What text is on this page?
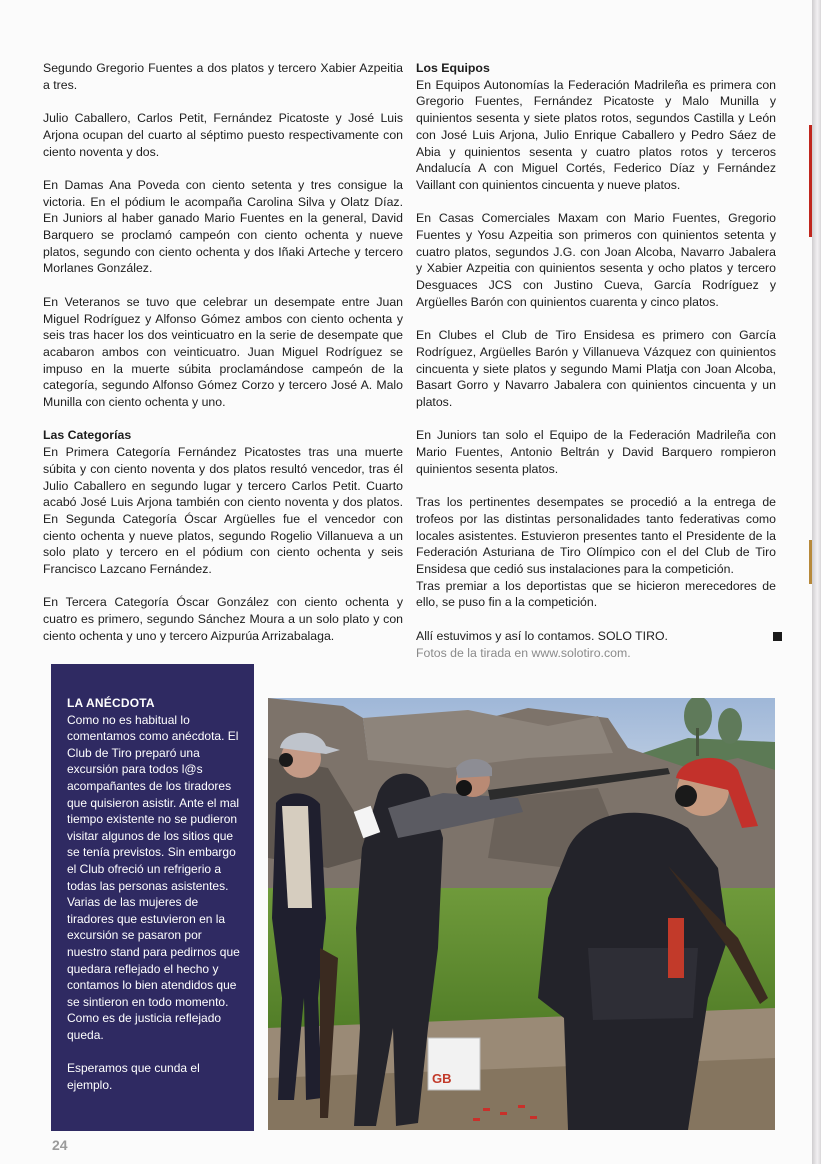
Segundo Gregorio Fuentes a dos platos y tercero Xabier Azpeitia a tres.

Julio Caballero, Carlos Petit, Fernández Picatoste y José Luis Arjona ocupan del cuarto al séptimo puesto respectivamente con ciento noventa y dos.

En Damas Ana Poveda con ciento setenta y tres consigue la victoria. En el pódium le acompaña Carolina Silva y Olatz Díaz. En Juniors al haber ganado Mario Fuentes en la general, David Barquero se proclamó campeón con ciento ochenta y nueve platos, segundo con ciento ochenta y dos Iñaki Arteche y tercero Morlanes González.

En Veteranos se tuvo que celebrar un desempate entre Juan Miguel Rodríguez y Alfonso Gómez ambos con ciento ochenta y seis tras hacer los dos veinticuatro en la serie de desempate que acabaron ambos con veinticuatro. Juan Miguel Rodríguez se impuso en la muerte súbita proclamándose campeón de la categoría, segundo Alfonso Gómez Corzo y tercero José A. Malo Munilla con ciento ochenta y uno.

Las Categorías

En Primera Categoría Fernández Picatostes tras una muerte súbita y con ciento noventa y dos platos resultó vencedor, tras él Julio Caballero en segundo lugar y tercero Carlos Petit. Cuarto acabó José Luis Arjona también con ciento noventa y dos platos. En Segunda Categoría Óscar Argüelles fue el vencedor con ciento ochenta y nueve platos, segundo Rogelio Villanueva a un solo plato y tercero en el pódium con ciento ochenta y seis Francisco Lazcano Fernández.

En Tercera Categoría Óscar González con ciento ochenta y cuatro es primero, segundo Sánchez Moura a un solo plato y con ciento ochenta y uno y tercero Aizpurúa Arrizabalaga.

Los Equipos

En Equipos Autonomías la Federación Madrileña es primera con Gregorio Fuentes, Fernández Picatoste y Malo Munilla y quinientos sesenta y siete platos rotos, segundos Castilla y León con José Luis Arjona, Julio Enrique Caballero y Pedro Sáez de Abia y quinientos sesenta y cuatro platos rotos y terceros Andalucía A con Miguel Cortés, Federico Díaz y Fernández Vaillant con quinientos cincuenta y nueve platos.

En Casas Comerciales Maxam con Mario Fuentes, Gregorio Fuentes y Yosu Azpeitia son primeros con quinientos setenta y cuatro platos, segundos J.G. con Joan Alcoba, Navarro Jabalera y Xabier Azpeitia con quinientos sesenta y ocho platos y tercero Desguaces JCS con Justino Cueva, García Rodríguez y Argüelles Barón con quinientos cuarenta y cinco platos.

En Clubes el Club de Tiro Ensidesa es primero con García Rodríguez, Argüelles Barón y Villanueva Vázquez con quinientos cincuenta y siete platos y segundo Mami Platja con Joan Alcoba, Basart Gorro y Navarro Jabalera con quinientos cincuenta y un platos.

En Juniors tan solo el Equipo de la Federación Madrileña con Mario Fuentes, Antonio Beltrán y David Barquero rompieron quinientos sesenta platos.

Tras los pertinentes desempates se procedió a la entrega de trofeos por las distintas personalidades tanto federativas como locales asistentes. Estuvieron presentes tanto el Presidente de la Federación Asturiana de Tiro Olímpico con el del Club de Tiro Ensidesa que cedió sus instalaciones para la competición.

Tras premiar a los deportistas que se hicieron merecedores de ello, se puso fin a la competición.

Allí estuvimos y así lo contamos. SOLO TIRO.
Fotos de la tirada en www.solotiro.com.
LA ANÉCDOTA

Como no es habitual lo comentamos como anécdota. El Club de Tiro preparó una excursión para todos l@s acompañantes de los tiradores que quisieron asistir. Ante el mal tiempo existente no se pudieron visitar algunos de los sitios que se tenía previstos. Sin embargo el Club ofreció un refrigerio a todas las personas asistentes. Varias de las mujeres de tiradores que estuvieron en la excursión se pasaron por nuestro stand para pedirnos que quedara reflejado el hecho y contamos lo bien atendidos que se sintieron en todo momento. Como es de justicia reflejado queda.

Esperamos que cunda el ejemplo.	GB
24
